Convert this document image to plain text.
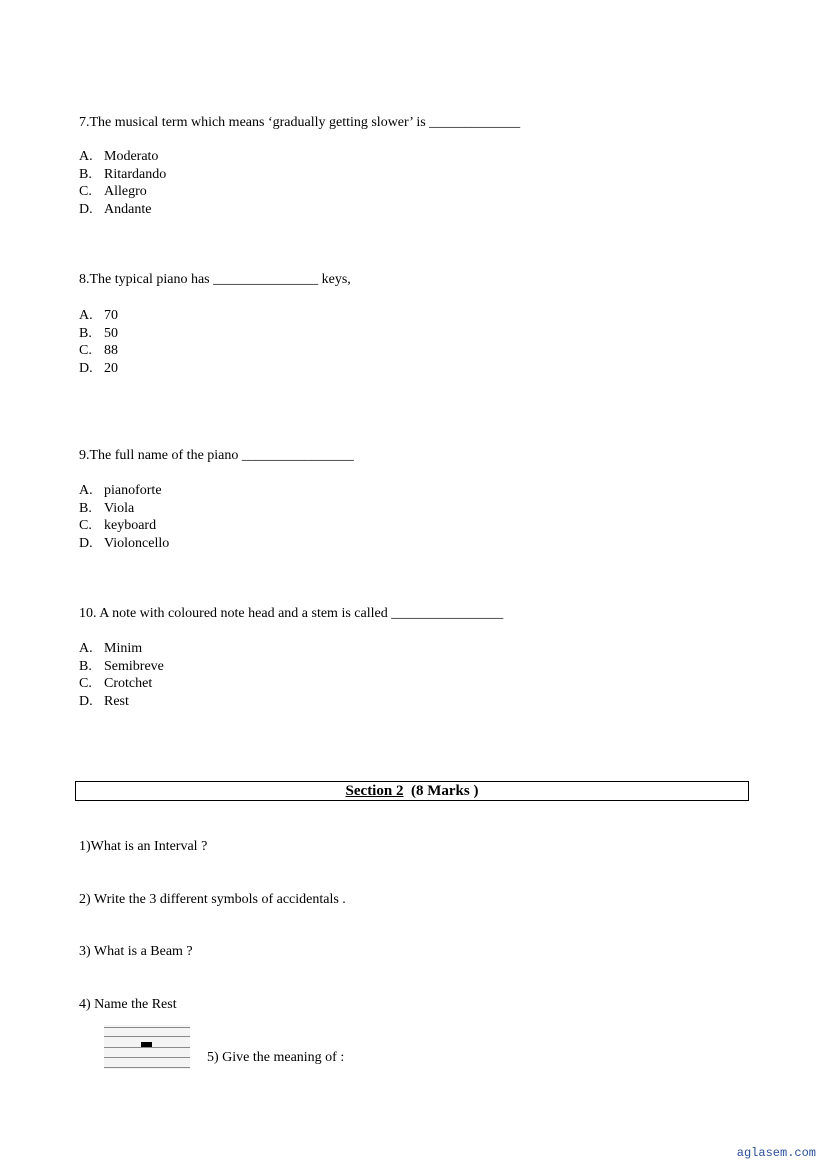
7.The musical term which means ‘gradually getting slower’ is _____________
A. Moderato
B. Ritardando
C. Allegro
D. Andante
8.The typical piano has _______________ keys,
A. 70
B. 50
C. 88
D. 20
9.The full name of the piano ________________
A. pianoforte
B. Viola
C. keyboard
D. Violoncello
10. A note with coloured note head and a stem is called ________________
A. Minim
B. Semibreve
C. Crotchet
D. Rest
Section 2 (8 Marks )
1)What is an Interval ?
2) Write the 3 different symbols of accidentals .
3) What is a Beam ?
4) Name the Rest
5) Give the meaning of :
aglasem.com
